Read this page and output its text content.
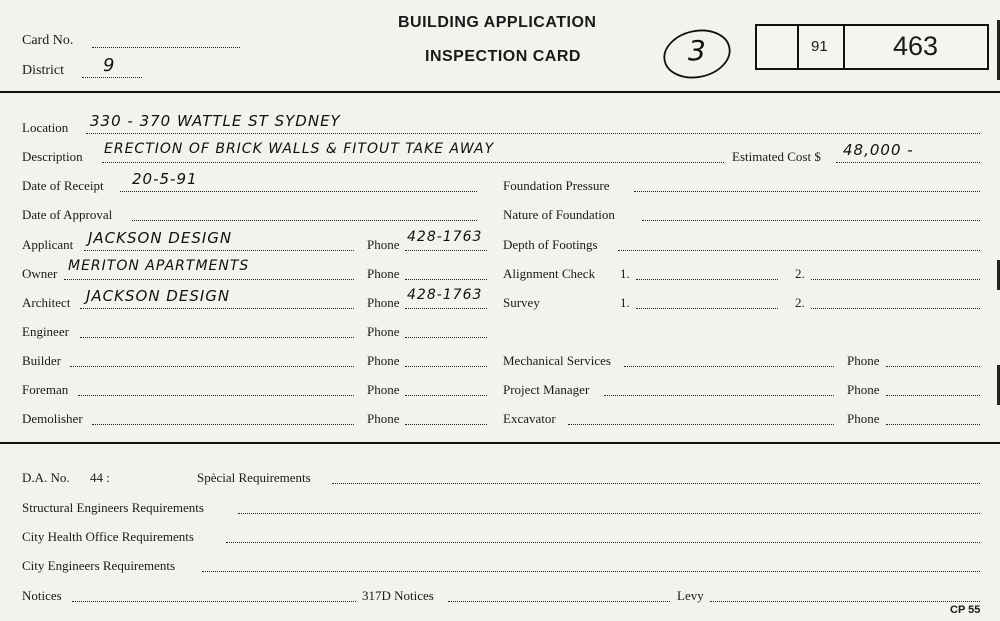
Card No.
District 9
BUILDING APPLICATION
INSPECTION CARD	3	91 463
Location 330 - 370 WATTLE ST SYDNEY
Description ERECTION OF BRICK WALLS & FITOUT TAKE AWAY	Estimated Cost $ 48,000 -
Date of Receipt 20-5-91
Date of Approval
Applicant JACKSON DESIGN	Phone 428-1763
Owner MERITON APARTMENTS	Phone
Architect JACKSON DESIGN	Phone 428-1763
Engineer	Phone
Builder	Phone
Foreman	Phone
Demolisher	Phone
Foundation Pressure
Nature of Foundation
Depth of Footings
Alignment Check 1.	2.
Survey	1.	2.
Mechanical Services	Phone
Project Manager	Phone
Excavator	Phone
D.A. No. 44 :	Spècial Requirements
Structural Engineers Requirements
City Health Office Requirements
City Engineers Requirements
Notices	317D Notices	Levy
CP 55
